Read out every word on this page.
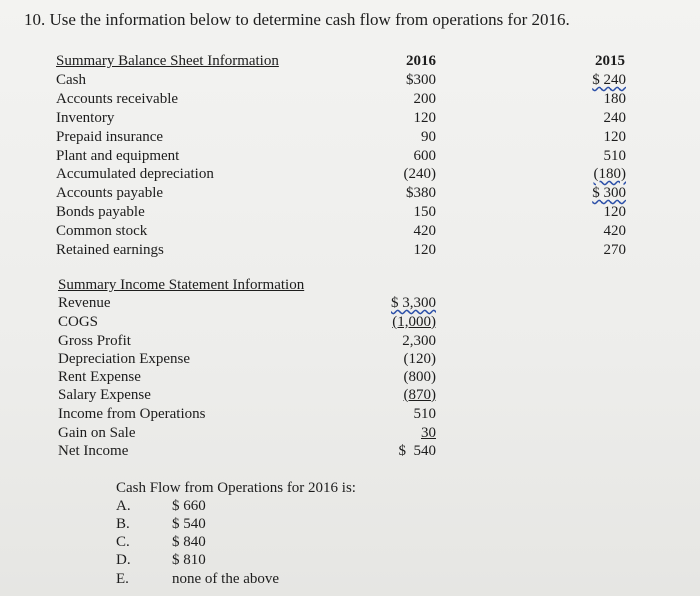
10. Use the information below to determine cash flow from operations for 2016.
Summary Balance Sheet Information	2016	2015
Cash	$300	$ 240
Accounts receivable	200	180
Inventory	120	240
Prepaid insurance	90	120
Plant and equipment	600	510
Accumulated depreciation	(240)	(180)
Accounts payable	$380	$ 300
Bonds payable	150	120
Common stock	420	420
Retained earnings	120	270
Summary Income Statement Information
Revenue	$ 3,300
COGS	(1,000)
Gross Profit	2,300
Depreciation Expense	(120)
Rent Expense	(800)
Salary Expense	(870)
Income from Operations	510
Gain on Sale	30
Net Income	$  540
Cash Flow from Operations for 2016 is:
A.	$ 660
B.	$ 540
C.	$ 840
D.	$ 810
E.	none of the above
